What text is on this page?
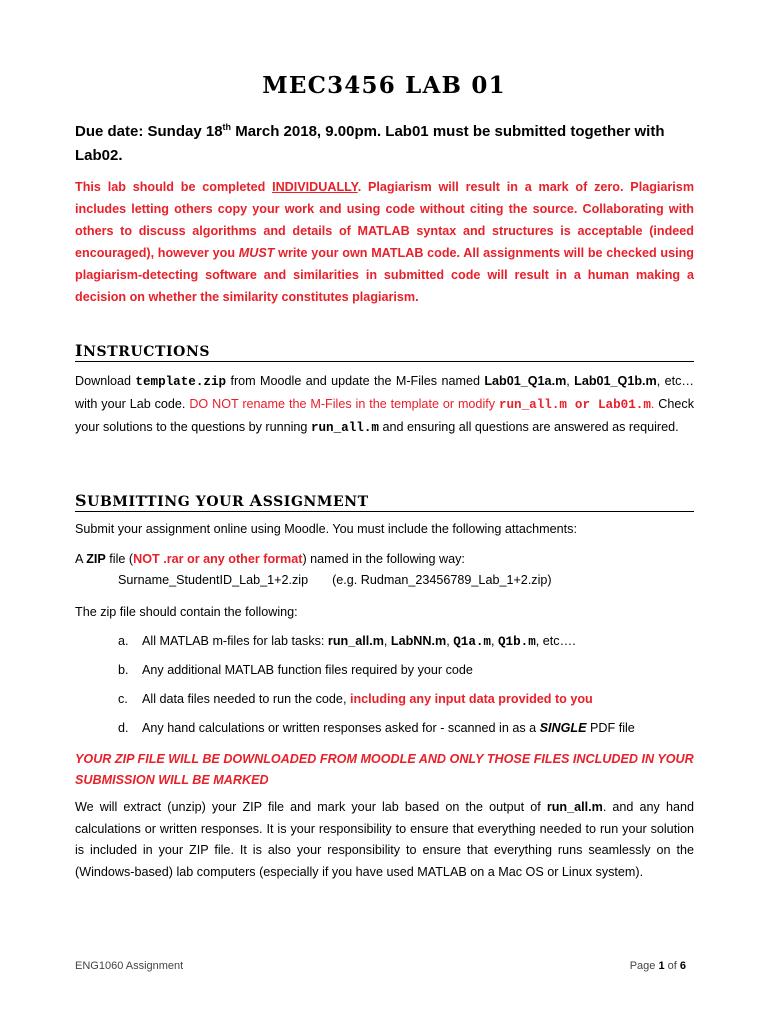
MEC3456 LAB 01
Due date: Sunday 18th March 2018, 9.00pm. Lab01 must be submitted together with Lab02.
This lab should be completed INDIVIDUALLY. Plagiarism will result in a mark of zero. Plagiarism includes letting others copy your work and using code without citing the source. Collaborating with others to discuss algorithms and details of MATLAB syntax and structures is acceptable (indeed encouraged), however you MUST write your own MATLAB code. All assignments will be checked using plagiarism-detecting software and similarities in submitted code will result in a human making a decision on whether the similarity constitutes plagiarism.
INSTRUCTIONS
Download template.zip from Moodle and update the M-Files named Lab01_Q1a.m, Lab01_Q1b.m, etc… with your Lab code. DO NOT rename the M-Files in the template or modify run_all.m or Lab01.m. Check your solutions to the questions by running run_all.m and ensuring all questions are answered as required.
SUBMITTING YOUR ASSIGNMENT
Submit your assignment online using Moodle. You must include the following attachments:
A ZIP file (NOT .rar or any other format) named in the following way:
Surname_StudentID_Lab_1+2.zip (e.g. Rudman_23456789_Lab_1+2.zip)
The zip file should contain the following:
a. All MATLAB m-files for lab tasks: run_all.m, LabNN.m, Q1a.m, Q1b.m, etc….
b. Any additional MATLAB function files required by your code
c. All data files needed to run the code, including any input data provided to you
d. Any hand calculations or written responses asked for - scanned in as a SINGLE PDF file
YOUR ZIP FILE WILL BE DOWNLOADED FROM MOODLE AND ONLY THOSE FILES INCLUDED IN YOUR SUBMISSION WILL BE MARKED
We will extract (unzip) your ZIP file and mark your lab based on the output of run_all.m. and any hand calculations or written responses. It is your responsibility to ensure that everything needed to run your solution is included in your ZIP file. It is also your responsibility to ensure that everything runs seamlessly on the (Windows-based) lab computers (especially if you have used MATLAB on a Mac OS or Linux system).
ENG1060 Assignment	Page 1 of 6
